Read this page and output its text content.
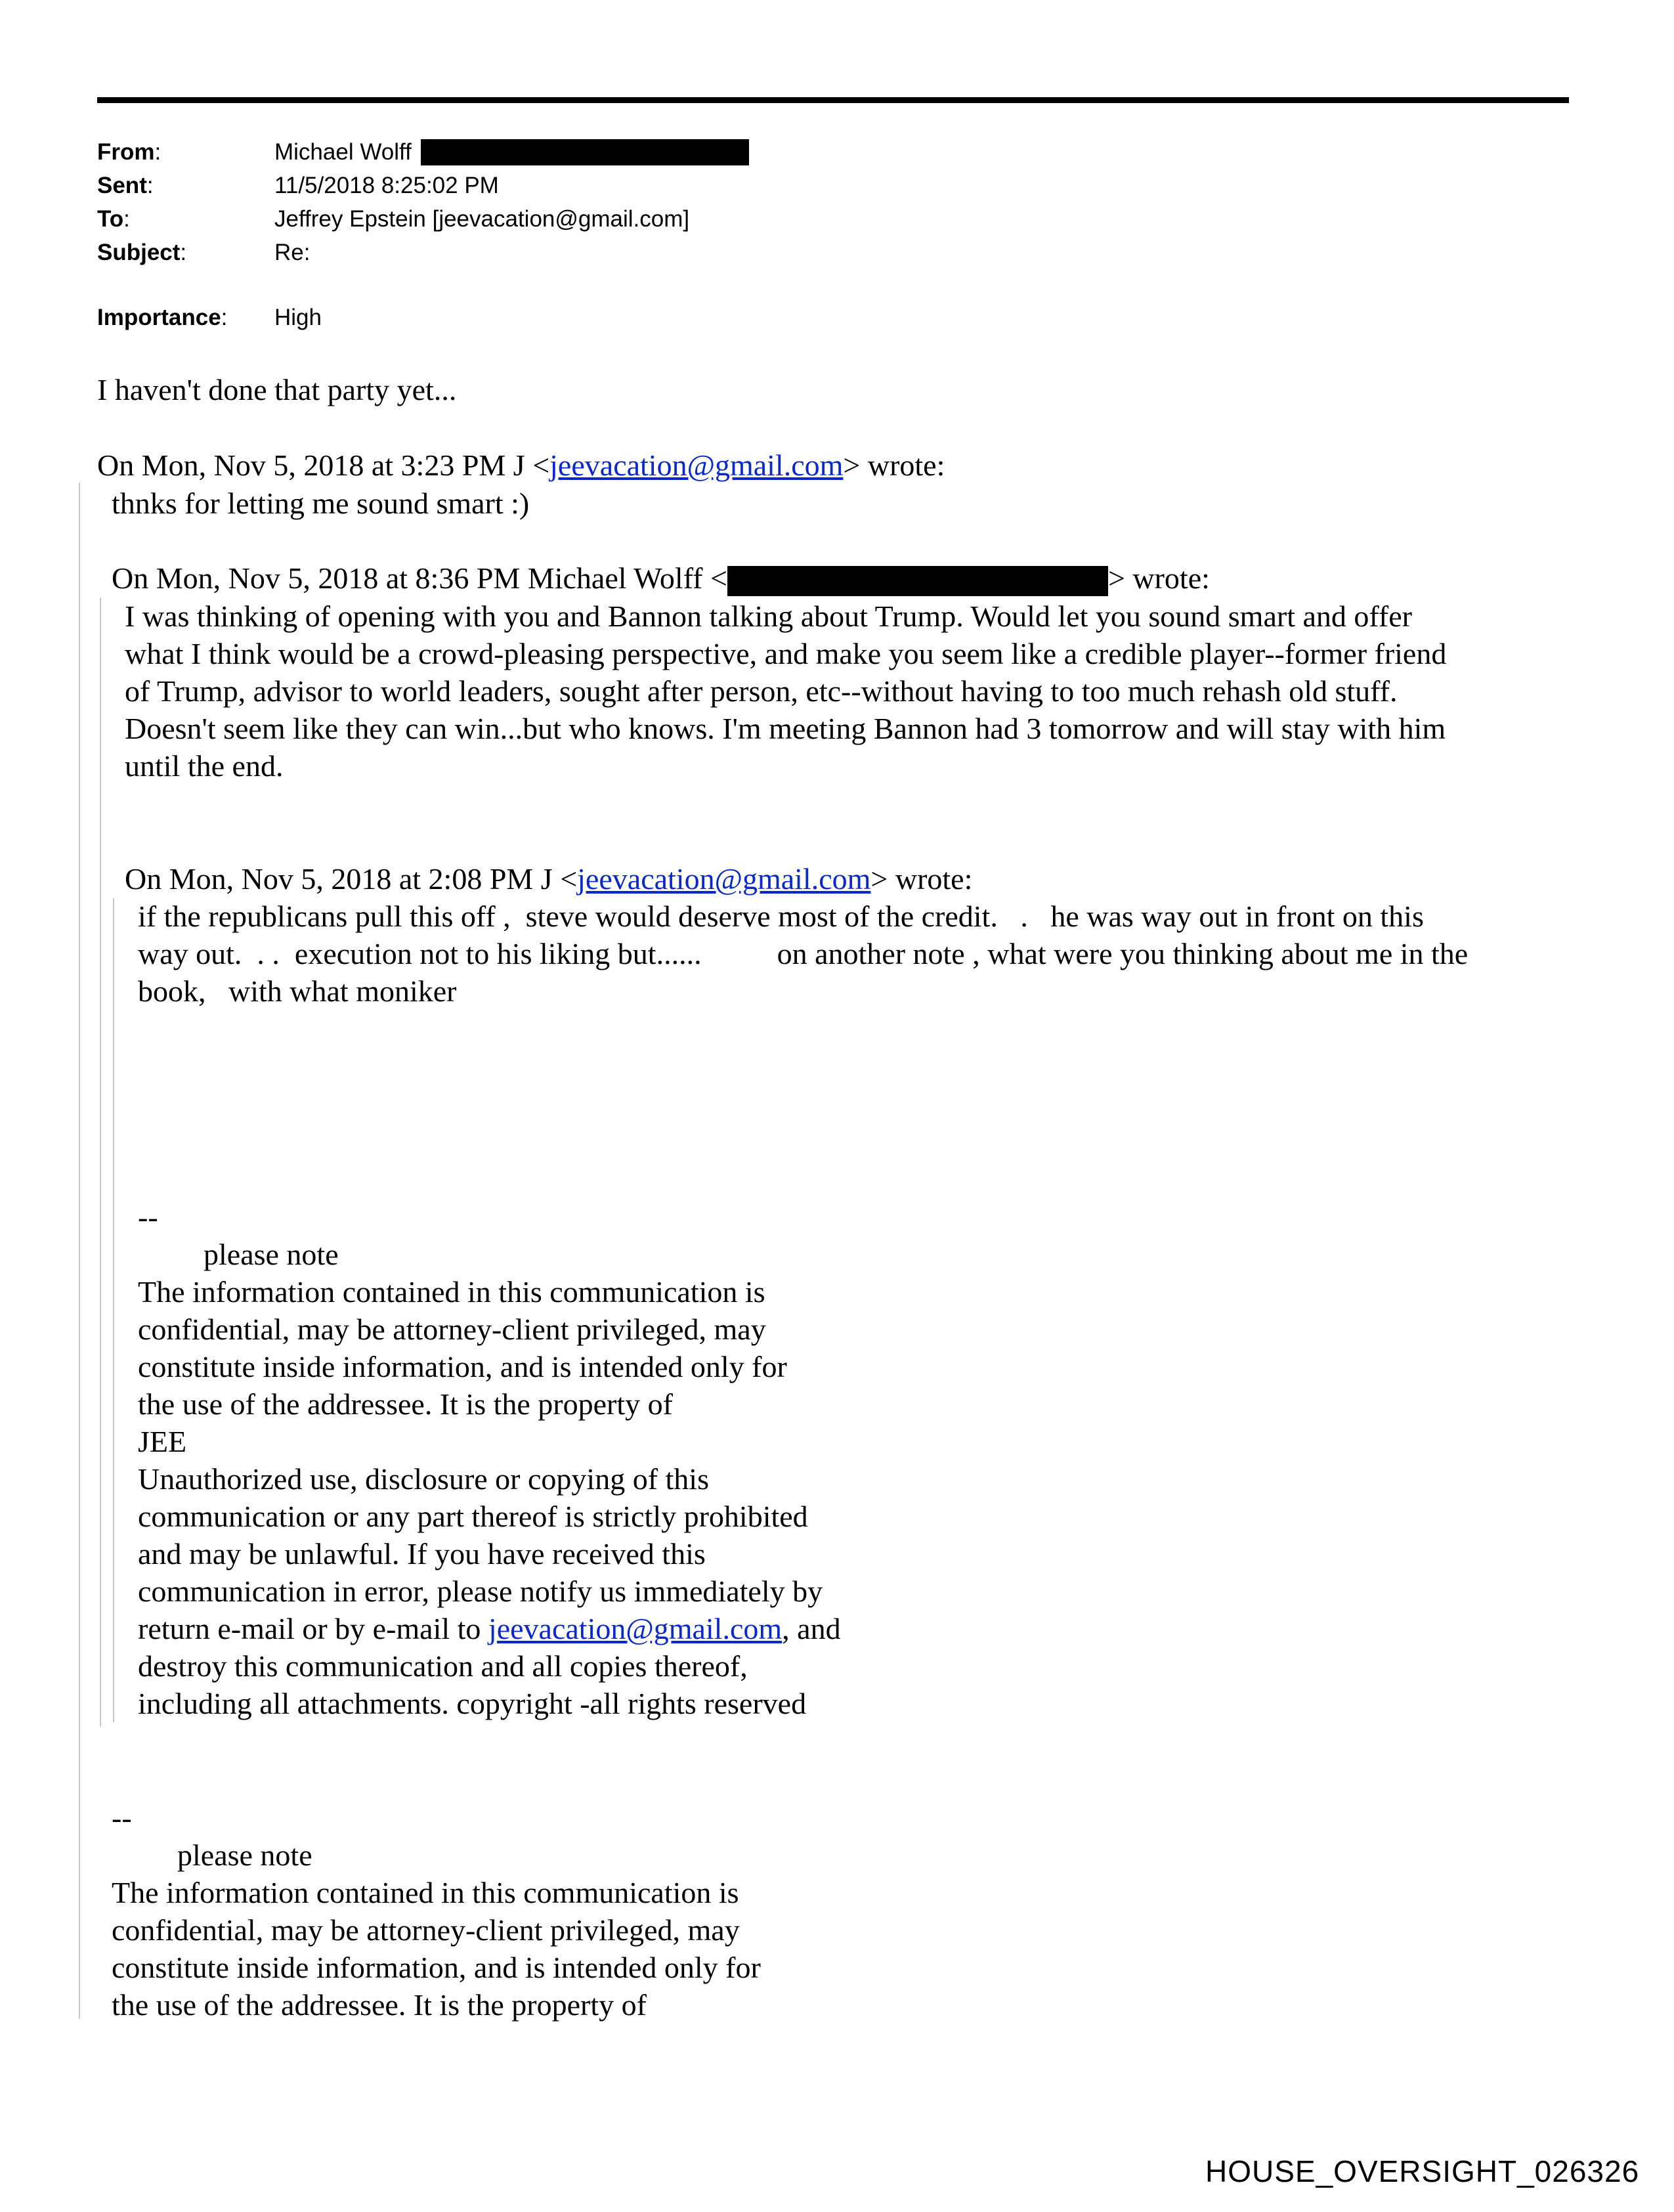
From:	Michael Wolff
Sent:	11/5/2018 8:25:02 PM
To:	Jeffrey Epstein [jeevacation@gmail.com]
Subject:	Re:
Importance:	High
I haven't done that party yet...
On Mon, Nov 5, 2018 at 3:23 PM J <jeevacation@gmail.com> wrote:
thnks for letting me sound smart :)
On Mon, Nov 5, 2018 at 8:36 PM Michael Wolff <	> wrote:
I was thinking of opening with you and Bannon talking about Trump. Would let you sound smart and offer
what I think would be a crowd-pleasing perspective, and make you seem like a credible player--former friend
of Trump, advisor to world leaders, sought after person, etc--without having to too much rehash old stuff.
Doesn't seem like they can win...but who knows. I'm meeting Bannon had 3 tomorrow and will stay with him
until the end.
On Mon, Nov 5, 2018 at 2:08 PM J <jeevacation@gmail.com> wrote:
if the republicans pull this off ,  steve would deserve most of the credit.   .   he was way out in front on this
way out.  . .  execution not to his liking but......          on another note , what were you thinking about me in the
book,   with what moniker
--
please note
The information contained in this communication is
confidential, may be attorney-client privileged, may
constitute inside information, and is intended only for
the use of the addressee. It is the property of
JEE
Unauthorized use, disclosure or copying of this
communication or any part thereof is strictly prohibited
and may be unlawful. If you have received this
communication in error, please notify us immediately by
return e-mail or by e-mail to jeevacation@gmail.com, and
destroy this communication and all copies thereof,
including all attachments. copyright -all rights reserved
--
please note
The information contained in this communication is
confidential, may be attorney-client privileged, may
constitute inside information, and is intended only for
the use of the addressee. It is the property of
HOUSE_OVERSIGHT_026326
